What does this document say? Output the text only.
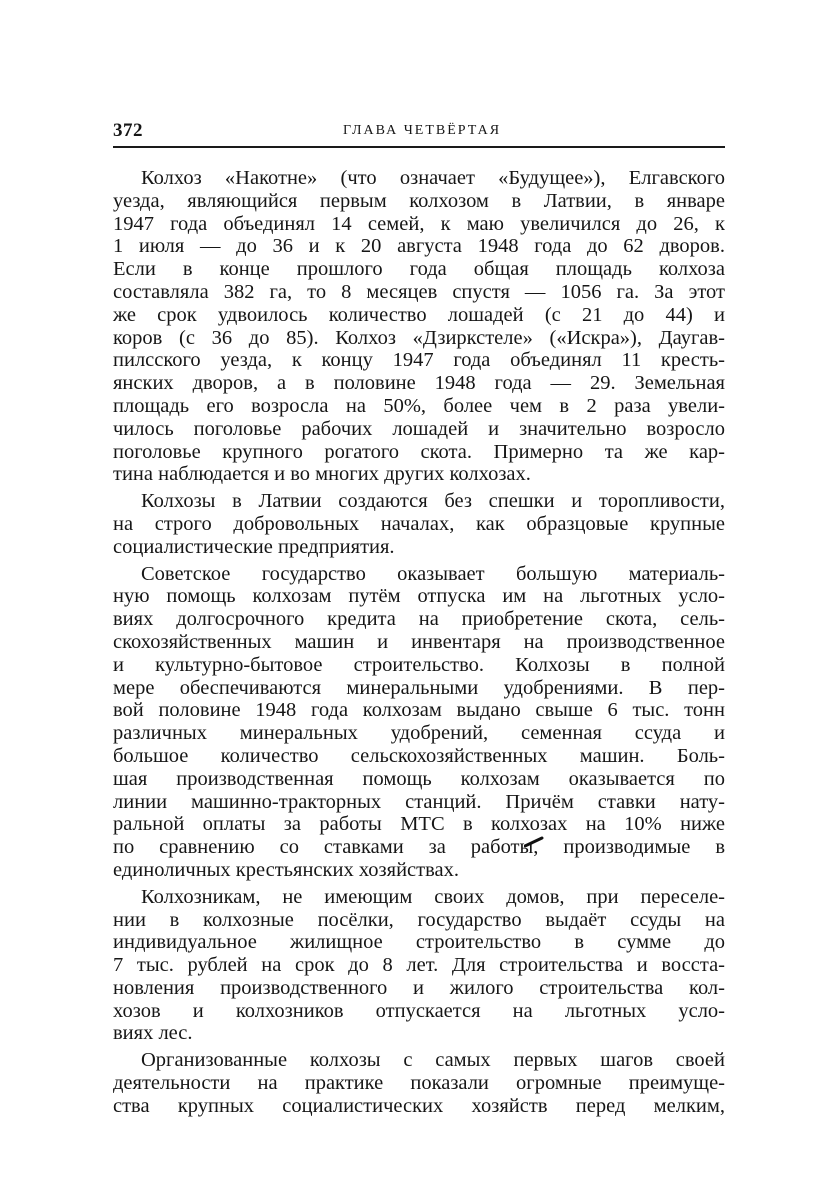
372	ГЛАВА ЧЕТВЁРТАЯ
Колхоз «Накотне» (что означает «Будущее»), Елгавского
уезда, являющийся первым колхозом в Латвии, в январе
1947 года объединял 14 семей, к маю увеличился до 26, к
1 июля — до 36 и к 20 августа 1948 года до 62 дворов.
Если в конце прошлого года общая площадь колхоза
составляла 382 га, то 8 месяцев спустя — 1056 га. За этот
же срок удвоилось количество лошадей (с 21 до 44) и
коров (с 36 до 85). Колхоз «Дзиркстеле» («Искра»), Даугав-
пилсского уезда, к концу 1947 года объединял 11 кресть-
янских дворов, а в половине 1948 года — 29. Земельная
площадь его возросла на 50%, более чем в 2 раза увели-
чилось поголовье рабочих лошадей и значительно возросло
поголовье крупного рогатого скота. Примерно та же кар-
тина наблюдается и во многих других колхозах.
Колхозы в Латвии создаются без спешки и торопливости,
на строго добровольных началах, как образцовые крупные
социалистические предприятия.
Советское государство оказывает большую материаль-
ную помощь колхозам путём отпуска им на льготных усло-
виях долгосрочного кредита на приобретение скота, сель-
скохозяйственных машин и инвентаря на производственное
и культурно-бытовое строительство. Колхозы в полной
мере обеспечиваются минеральными удобрениями. В пер-
вой половине 1948 года колхозам выдано свыше 6 тыс. тонн
различных минеральных удобрений, семенная ссуда и
большое количество сельскохозяйственных машин. Боль-
шая производственная помощь колхозам оказывается по
линии машинно-тракторных станций. Причём ставки нату-
ральной оплаты за работы МТС в колхозах на 10% ниже
по сравнению со ставками за работы, производимые в
единоличных крестьянских хозяйствах.
Колхозникам, не имеющим своих домов, при переселе-
нии в колхозные посёлки, государство выдаёт ссуды на
индивидуальное жилищное строительство в сумме до
7 тыс. рублей на срок до 8 лет. Для строительства и восста-
новления производственного и жилого строительства кол-
хозов и колхозников отпускается на льготных усло-
виях лес.
Организованные колхозы с самых первых шагов своей
деятельности на практике показали огромные преимуще-
ства крупных социалистических хозяйств перед мелким,
